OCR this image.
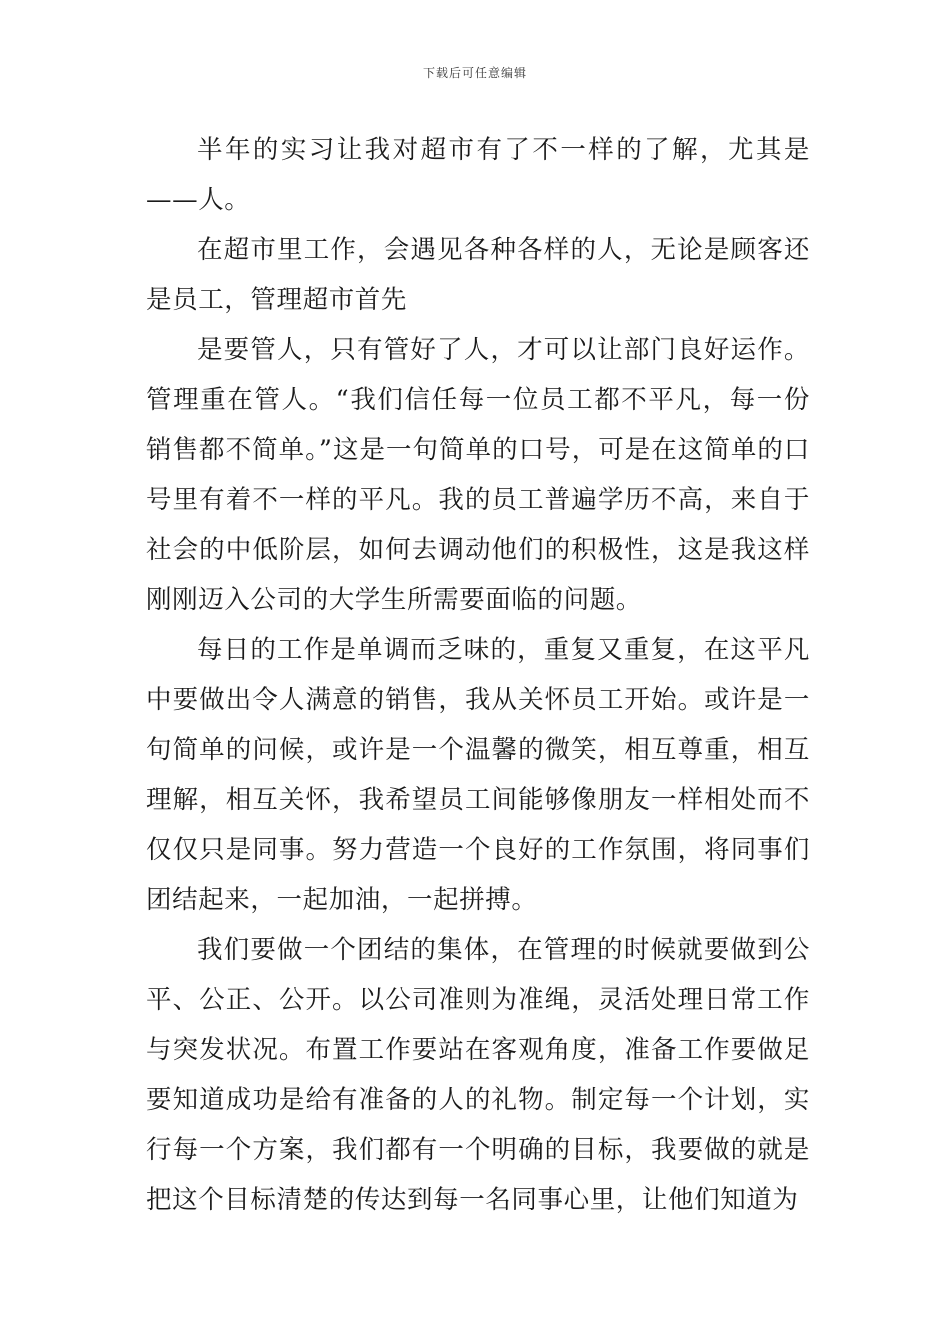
下载后可任意编辑

半年的实习让我对超市有了不一样的了解，尤其是——人。

在超市里工作，会遇见各种各样的人，无论是顾客还是员工，管理超市首先

是要管人，只有管好了人，才可以让部门良好运作。管理重在管人。“我们信任每一位员工都不平凡，每一份销售都不简单。”这是一句简单的口号，可是在这简单的口号里有着不一样的平凡。我的员工普遍学历不高，来自于社会的中低阶层，如何去调动他们的积极性，这是我这样刚刚迈入公司的大学生所需要面临的问题。

每日的工作是单调而乏味的，重复又重复，在这平凡中要做出令人满意的销售，我从关怀员工开始。或许是一句简单的问候，或许是一个温馨的微笑，相互尊重，相互理解，相互关怀，我希望员工间能够像朋友一样相处而不仅仅只是同事。努力营造一个良好的工作氛围，将同事们团结起来，一起加油，一起拼搏。

我们要做一个团结的集体，在管理的时候就要做到公平、公正、公开。以公司准则为准绳，灵活处理日常工作与突发状况。布置工作要站在客观角度，准备工作要做足要知道成功是给有准备的人的礼物。制定每一个计划，实行每一个方案，我们都有一个明确的目标，我要做的就是把这个目标清楚的传达到每一名同事心里，让他们知道为
